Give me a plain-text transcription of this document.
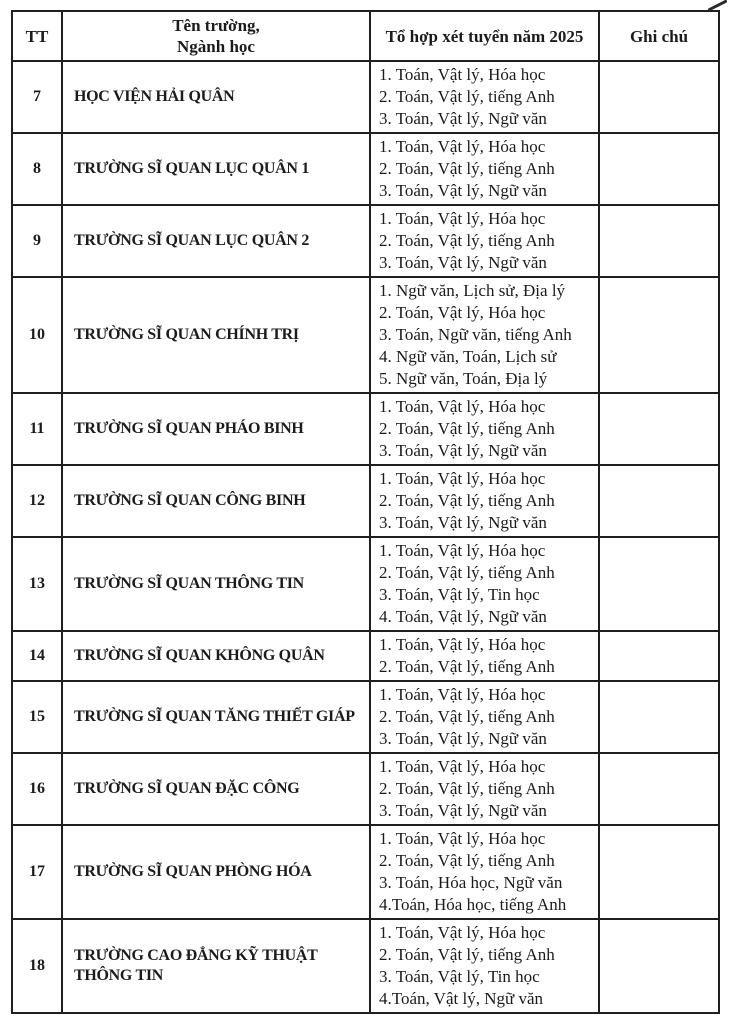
TT	Tên trường,
Ngành học	Tổ hợp xét tuyển năm 2025	Ghi chú
7	HỌC VIỆN HẢI QUÂN	1. Toán, Vật lý, Hóa học
2. Toán, Vật lý, tiếng Anh
3. Toán, Vật lý, Ngữ văn	

8	TRƯỜNG SĨ QUAN LỤC QUÂN 1	1. Toán, Vật lý, Hóa học
2. Toán, Vật lý, tiếng Anh
3. Toán, Vật lý, Ngữ văn	

9	TRƯỜNG SĨ QUAN LỤC QUÂN 2	1. Toán, Vật lý, Hóa học
2. Toán, Vật lý, tiếng Anh
3. Toán, Vật lý, Ngữ văn	

10	TRƯỜNG SĨ QUAN CHÍNH TRỊ	1. Ngữ văn, Lịch sử, Địa lý
2. Toán, Vật lý, Hóa học
3. Toán, Ngữ văn, tiếng Anh
4. Ngữ văn, Toán, Lịch sử
5. Ngữ văn, Toán, Địa lý	

11	TRƯỜNG SĨ QUAN PHÁO BINH	1. Toán, Vật lý, Hóa học
2. Toán, Vật lý, tiếng Anh
3. Toán, Vật lý, Ngữ văn	

12	TRƯỜNG SĨ QUAN CÔNG BINH	1. Toán, Vật lý, Hóa học
2. Toán, Vật lý, tiếng Anh
3. Toán, Vật lý, Ngữ văn	

13	TRƯỜNG SĨ QUAN THÔNG TIN	1. Toán, Vật lý, Hóa học
2. Toán, Vật lý, tiếng Anh
3. Toán, Vật lý, Tin học
4. Toán, Vật lý, Ngữ văn	

14	TRƯỜNG SĨ QUAN KHÔNG QUÂN	1. Toán, Vật lý, Hóa học
2. Toán, Vật lý, tiếng Anh	

15	TRƯỜNG SĨ QUAN TĂNG THIẾT GIÁP	1. Toán, Vật lý, Hóa học
2. Toán, Vật lý, tiếng Anh
3. Toán, Vật lý, Ngữ văn	

16	TRƯỜNG SĨ QUAN ĐẶC CÔNG	1. Toán, Vật lý, Hóa học
2. Toán, Vật lý, tiếng Anh
3. Toán, Vật lý, Ngữ văn	

17	TRƯỜNG SĨ QUAN PHÒNG HÓA	1. Toán, Vật lý, Hóa học
2. Toán, Vật lý, tiếng Anh
3. Toán, Hóa học, Ngữ văn
4.Toán, Hóa học, tiếng Anh	

18	TRƯỜNG CAO ĐẲNG KỸ THUẬT THÔNG TIN	1. Toán, Vật lý, Hóa học
2. Toán, Vật lý, tiếng Anh
3. Toán, Vật lý, Tin học
4.Toán, Vật lý, Ngữ văn	
